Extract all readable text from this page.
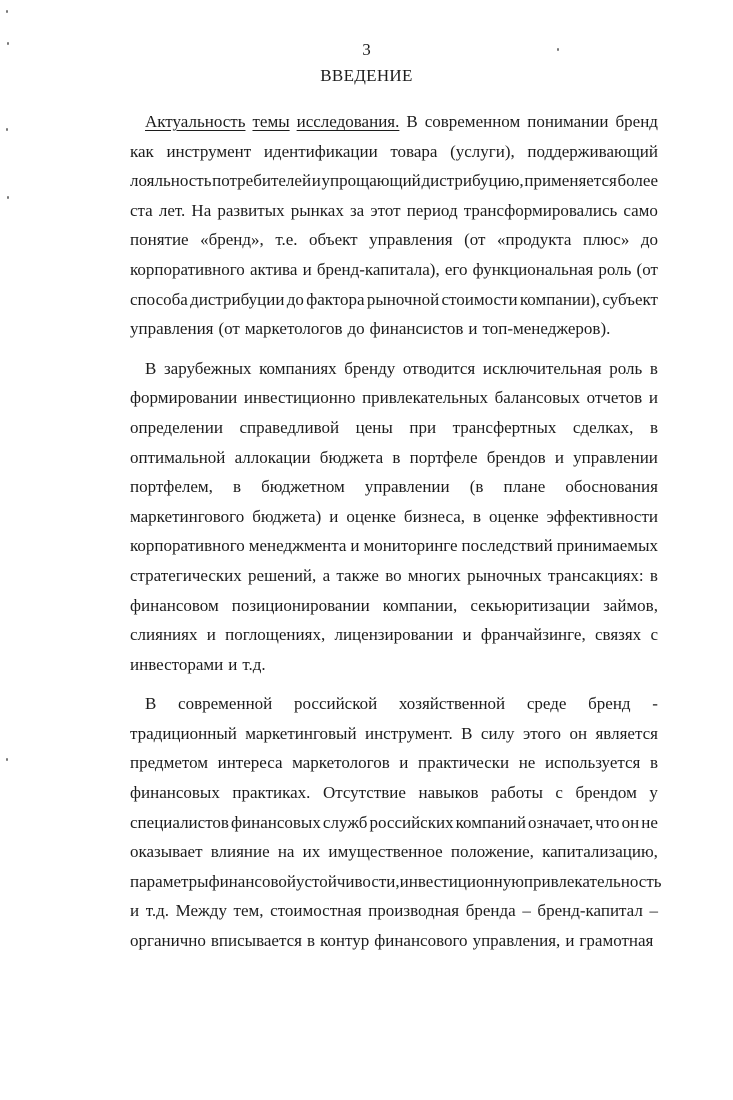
3
ВВЕДЕНИЕ
Актуальность темы исследования. В современном понимании бренд
как инструмент идентификации товара (услуги), поддерживающий
лояльность потребителей и упрощающий дистрибуцию, применяется более
ста лет. На развитых рынках за этот период трансформировались само
понятие «бренд», т.е. объект управления (от «продукта плюс» до
корпоративного актива и бренд-капитала), его функциональная роль (от
способа дистрибуции до фактора рыночной стоимости компании), субъект
управления (от маркетологов до финансистов и топ-менеджеров).
В зарубежных компаниях бренду отводится исключительная роль в
формировании инвестиционно привлекательных балансовых отчетов и
определении справедливой цены при трансфертных сделках, в
оптимальной аллокации бюджета в портфеле брендов и управлении
портфелем, в бюджетном управлении (в плане обоснования
маркетингового бюджета) и оценке бизнеса, в оценке эффективности
корпоративного менеджмента и мониторинге последствий принимаемых
стратегических решений, а также во многих рыночных трансакциях: в
финансовом позиционировании компании, секьюритизации займов,
слияниях и поглощениях, лицензировании и франчайзинге, связях с
инвесторами и т.д.
В современной российской хозяйственной среде бренд -
традиционный маркетинговый инструмент. В силу этого он является
предметом интереса маркетологов и практически не используется в
финансовых практиках. Отсутствие навыков работы с брендом у
специалистов финансовых служб российских компаний означает, что он не
оказывает влияние на их имущественное положение, капитализацию,
параметры финансовой устойчивости, инвестиционную привлекательность
и т.д. Между тем, стоимостная производная бренда – бренд-капитал –
органично вписывается в контур финансового управления, и грамотная
